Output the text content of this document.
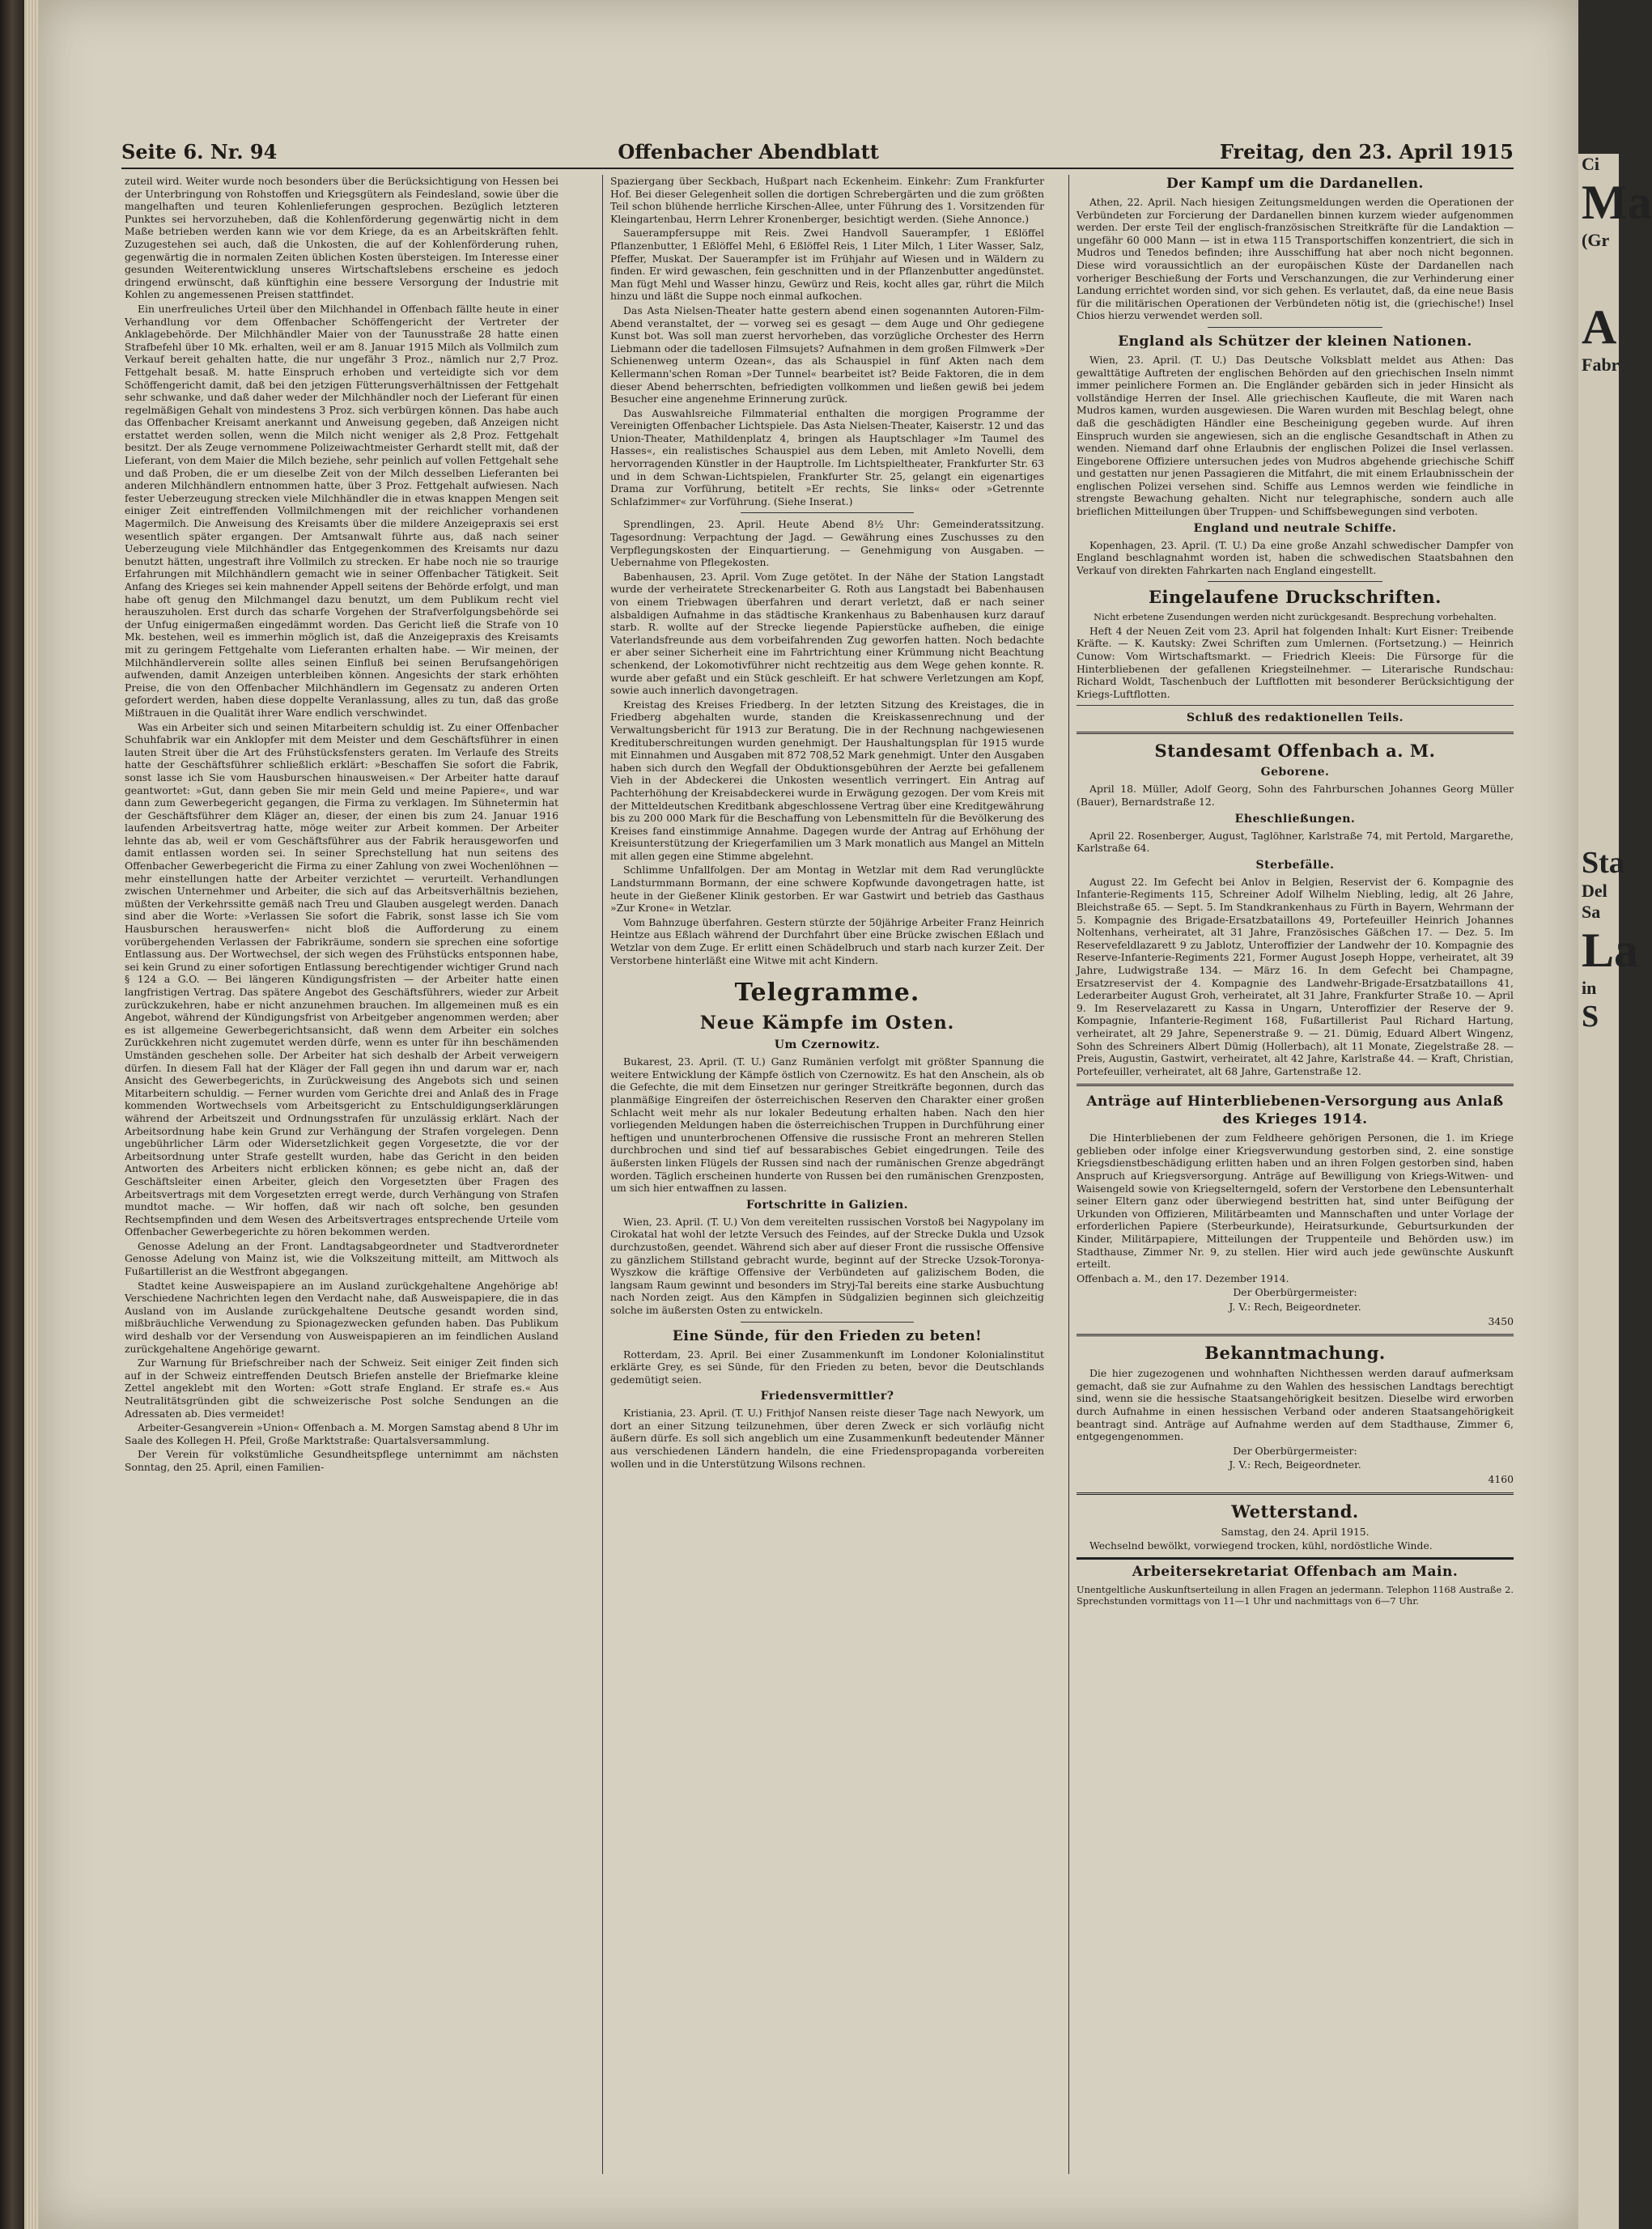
Ci
Ma
(Gr
A
Fabr
Sta
Del
Sa
La
in
S
Seite 6. Nr. 94	Offenbacher Abendblatt	Freitag, den 23. April 1915

zuteil wird. Weiter wurde noch besonders über die Berücksichtigung von Hessen bei der Unterbringung von Rohstoffen und Kriegsgütern als Feindesland, sowie über die mangelhaften und teuren Kohlenlieferungen gesprochen. Bezüglich letzteren Punktes sei hervorzuheben, daß die Kohlenförderung gegenwärtig nicht in dem Maße betrieben werden kann wie vor dem Kriege, da es an Arbeitskräften fehlt. Zuzugestehen sei auch, daß die Unkosten, die auf der Kohlenförderung ruhen, gegenwärtig die in normalen Zeiten üblichen Kosten übersteigen. Im Interesse einer gesunden Weiterentwicklung unseres Wirtschaftslebens erscheine es jedoch dringend erwünscht, daß künftighin eine bessere Versorgung der Industrie mit Kohlen zu angemessenen Preisen stattfindet.

Ein unerfreuliches Urteil über den Milchhandel in Offenbach fällte heute in einer Verhandlung vor dem Offenbacher Schöffengericht der Vertreter der Anklagebehörde. Der Milchhändler Maier von der Taunusstraße 28 hatte einen Strafbefehl über 10 Mk. erhalten, weil er am 8. Januar 1915 Milch als Vollmilch zum Verkauf bereit gehalten hatte, die nur ungefähr 3 Proz., nämlich nur 2,7 Proz. Fettgehalt besaß. M. hatte Einspruch erhoben und verteidigte sich vor dem Schöffengericht damit, daß bei den jetzigen Fütterungsverhältnissen der Fettgehalt sehr schwanke, und daß daher weder der Milchhändler noch der Lieferant für einen regelmäßigen Gehalt von mindestens 3 Proz. sich verbürgen können. Das habe auch das Offenbacher Kreisamt anerkannt und Anweisung gegeben, daß Anzeigen nicht erstattet werden sollen, wenn die Milch nicht weniger als 2,8 Proz. Fettgehalt besitzt. Der als Zeuge vernommene Polizeiwachtmeister Gerhardt stellt mit, daß der Lieferant, von dem Maier die Milch beziehe, sehr peinlich auf vollen Fettgehalt sehe und daß Proben, die er um dieselbe Zeit von der Milch desselben Lieferanten bei anderen Milchhändlern entnommen hatte, über 3 Proz. Fettgehalt aufwiesen. Nach fester Ueberzeugung strecken viele Milchhändler die in etwas knappen Mengen seit einiger Zeit eintreffenden Vollmilchmengen mit der reichlicher vorhandenen Magermilch. Die Anweisung des Kreisamts über die mildere Anzeigepraxis sei erst wesentlich später ergangen. Der Amtsanwalt führte aus, daß nach seiner Ueberzeugung viele Milchhändler das Entgegenkommen des Kreisamts nur dazu benutzt hätten, ungestraft ihre Vollmilch zu strecken. Er habe noch nie so traurige Erfahrungen mit Milchhändlern gemacht wie in seiner Offenbacher Tätigkeit. Seit Anfang des Krieges sei kein mahnender Appell seitens der Behörde erfolgt, und man habe oft genug den Milchmangel dazu benutzt, um dem Publikum recht viel herauszuholen. Erst durch das scharfe Vorgehen der Strafverfolgungsbehörde sei der Unfug einigermaßen eingedämmt worden. Das Gericht ließ die Strafe von 10 Mk. bestehen, weil es immerhin möglich ist, daß die Anzeigepraxis des Kreisamts mit zu geringem Fettgehalte vom Lieferanten erhalten habe. — Wir meinen, der Milchhändlerverein sollte alles seinen Einfluß bei seinen Berufsangehörigen aufwenden, damit Anzeigen unterbleiben können. Angesichts der stark erhöhten Preise, die von den Offenbacher Milchhändlern im Gegensatz zu anderen Orten gefordert werden, haben diese doppelte Veranlassung, alles zu tun, daß das große Mißtrauen in die Qualität ihrer Ware endlich verschwindet.

Was ein Arbeiter sich und seinen Mitarbeitern schuldig ist. Zu einer Offenbacher Schuhfabrik war ein Anklopfer mit dem Meister und dem Geschäftsführer in einen lauten Streit über die Art des Frühstücksfensters geraten. Im Verlaufe des Streits hatte der Geschäftsführer schließlich erklärt: »Beschaffen Sie sofort die Fabrik, sonst lasse ich Sie vom Hausburschen hinausweisen.« Der Arbeiter hatte darauf geantwortet: »Gut, dann geben Sie mir mein Geld und meine Papiere«, und war dann zum Gewerbegericht gegangen, die Firma zu verklagen. Im Sühnetermin hat der Geschäftsführer dem Kläger an, dieser, der einen bis zum 24. Januar 1916 laufenden Arbeitsvertrag hatte, möge weiter zur Arbeit kommen. Der Arbeiter lehnte das ab, weil er vom Geschäftsführer aus der Fabrik herausgeworfen und damit entlassen worden sei. In seiner Sprechstellung hat nun seitens des Offenbacher Gewerbegericht die Firma zu einer Zahlung von zwei Wochenlöhnen — mehr einstellungen hatte der Arbeiter verzichtet — verurteilt. Verhandlungen zwischen Unternehmer und Arbeiter, die sich auf das Arbeitsverhältnis beziehen, müßten der Verkehrssitte gemäß nach Treu und Glauben ausgelegt werden. Danach sind aber die Worte: »Verlassen Sie sofort die Fabrik, sonst lasse ich Sie vom Hausburschen herauswerfen« nicht bloß die Aufforderung zu einem vorübergehenden Verlassen der Fabrikräume, sondern sie sprechen eine sofortige Entlassung aus. Der Wortwechsel, der sich wegen des Frühstücks entsponnen habe, sei kein Grund zu einer sofortigen Entlassung berechtigender wichtiger Grund nach § 124 a G.O. — Bei längeren Kündigungsfristen — der Arbeiter hatte einen langfristigen Vertrag. Das spätere Angebot des Geschäftsführers, wieder zur Arbeit zurückzukehren, habe er nicht anzunehmen brauchen. Im allgemeinen muß es ein Angebot, während der Kündigungsfrist von Arbeitgeber angenommen werden; aber es ist allgemeine Gewerbegerichtsansicht, daß wenn dem Arbeiter ein solches Zurückkehren nicht zugemutet werden dürfe, wenn es unter für ihn beschämenden Umständen geschehen solle. Der Arbeiter hat sich deshalb der Arbeit verweigern dürfen. In diesem Fall hat der Kläger der Fall gegen ihn und darum war er, nach Ansicht des Gewerbegerichts, in Zurückweisung des Angebots sich und seinen Mitarbeitern schuldig. — Ferner wurden vom Gerichte drei and Anlaß des in Frage kommenden Wortwechsels vom Arbeitsgericht zu Entschuldigungserklärungen während der Arbeitszeit und Ordnungsstrafen für unzulässig erklärt. Nach der Arbeitsordnung habe kein Grund zur Verhängung der Strafen vorgelegen. Denn ungebührlicher Lärm oder Widersetzlichkeit gegen Vorgesetzte, die vor der Arbeitsordnung unter Strafe gestellt wurden, habe das Gericht in den beiden Antworten des Arbeiters nicht erblicken können; es gebe nicht an, daß der Geschäftsleiter einen Arbeiter, gleich den Vorgesetzten über Fragen des Arbeitsvertrags mit dem Vorgesetzten erregt werde, durch Verhängung von Strafen mundtot mache. — Wir hoffen, daß wir nach oft solche, ben gesunden Rechtsempfinden und dem Wesen des Arbeitsvertrages entsprechende Urteile vom Offenbacher Gewerbegerichte zu hören bekommen werden.

Genosse Adelung an der Front. Landtagsabgeordneter und Stadtverordneter Genosse Adelung von Mainz ist, wie die Volkszeitung mitteilt, am Mittwoch als Fußartillerist an die Westfront abgegangen.

Stadtet keine Ausweispapiere an im Ausland zurückgehaltene Angehörige ab! Verschiedene Nachrichten legen den Verdacht nahe, daß Ausweispapiere, die in das Ausland von im Auslande zurückgehaltene Deutsche gesandt worden sind, mißbräuchliche Verwendung zu Spionagezwecken gefunden haben. Das Publikum wird deshalb vor der Versendung von Ausweispapieren an im feindlichen Ausland zurückgehaltene Angehörige gewarnt.

Zur Warnung für Briefschreiber nach der Schweiz. Seit einiger Zeit finden sich auf in der Schweiz eintreffenden Deutsch Briefen anstelle der Briefmarke kleine Zettel angeklebt mit den Worten: »Gott strafe England. Er strafe es.« Aus Neutralitätsgründen gibt die schweizerische Post solche Sendungen an die Adressaten ab. Dies vermeidet!

Arbeiter-Gesangverein »Union« Offenbach a. M. Morgen Samstag abend 8 Uhr im Saale des Kollegen H. Pfeil, Große Marktstraße: Quartalsversammlung.

Der Verein für volkstümliche Gesundheitspflege unternimmt am nächsten Sonntag, den 25. April, einen Familien-

Spaziergang über Seckbach, Hußpart nach Eckenheim. Einkehr: Zum Frankfurter Hof. Bei dieser Gelegenheit sollen die dortigen Schrebergärten und die zum größten Teil schon blühende herrliche Kirschen-Allee, unter Führung des 1. Vorsitzenden für Kleingartenbau, Herrn Lehrer Kronenberger, besichtigt werden. (Siehe Annonce.)

Sauerampfersuppe mit Reis. Zwei Handvoll Sauerampfer, 1 Eßlöffel Pflanzenbutter, 1 Eßlöffel Mehl, 6 Eßlöffel Reis, 1 Liter Milch, 1 Liter Wasser, Salz, Pfeffer, Muskat. Der Sauerampfer ist im Frühjahr auf Wiesen und in Wäldern zu finden. Er wird gewaschen, fein geschnitten und in der Pflanzenbutter angedünstet. Man fügt Mehl und Wasser hinzu, Gewürz und Reis, kocht alles gar, rührt die Milch hinzu und läßt die Suppe noch einmal aufkochen.

Das Asta Nielsen-Theater hatte gestern abend einen sogenannten Autoren-Film-Abend veranstaltet, der — vorweg sei es gesagt — dem Auge und Ohr gediegene Kunst bot. Was soll man zuerst hervorheben, das vorzügliche Orchester des Herrn Liebmann oder die tadellosen Filmsujets? Aufnahmen in dem großen Filmwerk »Der Schienenweg unterm Ozean«, das als Schauspiel in fünf Akten nach dem Kellermann'schen Roman »Der Tunnel« bearbeitet ist? Beide Faktoren, die in dem dieser Abend beherrschten, befriedigten vollkommen und ließen gewiß bei jedem Besucher eine angenehme Erinnerung zurück.

Das Auswahlsreiche Filmmaterial enthalten die morgigen Programme der Vereinigten Offenbacher Lichtspiele. Das Asta Nielsen-Theater, Kaiserstr. 12 und das Union-Theater, Mathildenplatz 4, bringen als Hauptschlager »Im Taumel des Hasses«, ein realistisches Schauspiel aus dem Leben, mit Amleto Novelli, dem hervorragenden Künstler in der Hauptrolle. Im Lichtspieltheater, Frankfurter Str. 63 und in dem Schwan-Lichtspielen, Frankfurter Str. 25, gelangt ein eigenartiges Drama zur Vorführung, betitelt »Er rechts, Sie links« oder »Getrennte Schlafzimmer« zur Vorführung. (Siehe Inserat.)

Sprendlingen, 23. April. Heute Abend 8½ Uhr: Gemeinderatssitzung. Tagesordnung: Verpachtung der Jagd. — Gewährung eines Zuschusses zu den Verpflegungskosten der Einquartierung. — Genehmigung von Ausgaben. — Uebernahme von Pflegekosten.

Babenhausen, 23. April. Vom Zuge getötet. In der Nähe der Station Langstadt wurde der verheiratete Streckenarbeiter G. Roth aus Langstadt bei Babenhausen von einem Triebwagen überfahren und derart verletzt, daß er nach seiner alsbaldigen Aufnahme in das städtische Krankenhaus zu Babenhausen kurz darauf starb. R. wollte auf der Strecke liegende Papierstücke aufheben, die einige Vaterlandsfreunde aus dem vorbeifahrenden Zug geworfen hatten. Noch bedachte er aber seiner Sicherheit eine im Fahrtrichtung einer Krümmung nicht Beachtung schenkend, der Lokomotivführer nicht rechtzeitig aus dem Wege gehen konnte. R. wurde aber gefaßt und ein Stück geschleift. Er hat schwere Verletzungen am Kopf, sowie auch innerlich davongetragen.

Kreistag des Kreises Friedberg. In der letzten Sitzung des Kreistages, die in Friedberg abgehalten wurde, standen die Kreiskassenrechnung und der Verwaltungsbericht für 1913 zur Beratung. Die in der Rechnung nachgewiesenen Kredituberschreitungen wurden genehmigt. Der Haushaltungsplan für 1915 wurde mit Einnahmen und Ausgaben mit 872 708,52 Mark genehmigt. Unter den Ausgaben haben sich durch den Wegfall der Obduktionsgebühren der Aerzte bei gefallenem Vieh in der Abdeckerei die Unkosten wesentlich verringert. Ein Antrag auf Pachterhöhung der Kreisabdeckerei wurde in Erwägung gezogen. Der vom Kreis mit der Mitteldeutschen Kreditbank abgeschlossene Vertrag über eine Kreditgewährung bis zu 200 000 Mark für die Beschaffung von Lebensmitteln für die Bevölkerung des Kreises fand einstimmige Annahme. Dagegen wurde der Antrag auf Erhöhung der Kreisunterstützung der Kriegerfamilien um 3 Mark monatlich aus Mangel an Mitteln mit allen gegen eine Stimme abgelehnt.

Schlimme Unfallfolgen. Der am Montag in Wetzlar mit dem Rad verunglückte Landsturmmann Bormann, der eine schwere Kopfwunde davongetragen hatte, ist heute in der Gießener Klinik gestorben. Er war Gastwirt und betrieb das Gasthaus »Zur Krone« in Wetzlar.

Vom Bahnzuge überfahren. Gestern stürzte der 50jährige Arbeiter Franz Heinrich Heintze aus Eßlach während der Durchfahrt über eine Brücke zwischen Eßlach und Wetzlar von dem Zuge. Er erlitt einen Schädelbruch und starb nach kurzer Zeit. Der Verstorbene hinterläßt eine Witwe mit acht Kindern.

Telegramme.
Neue Kämpfe im Osten.
Um Czernowitz.

Bukarest, 23. April. (T. U.) Ganz Rumänien verfolgt mit größter Spannung die weitere Entwicklung der Kämpfe östlich von Czernowitz. Es hat den Anschein, als ob die Gefechte, die mit dem Einsetzen nur geringer Streitkräfte begonnen, durch das planmäßige Eingreifen der österreichischen Reserven den Charakter einer großen Schlacht weit mehr als nur lokaler Bedeutung erhalten haben. Nach den hier vorliegenden Meldungen haben die österreichischen Truppen in Durchführung einer heftigen und ununterbrochenen Offensive die russische Front an mehreren Stellen durchbrochen und sind tief auf bessarabisches Gebiet eingedrungen. Teile des äußersten linken Flügels der Russen sind nach der rumänischen Grenze abgedrängt worden. Täglich erscheinen hunderte von Russen bei den rumänischen Grenzposten, um sich hier entwaffnen zu lassen.

Fortschritte in Galizien.

Wien, 23. April. (T. U.) Von dem vereitelten russischen Vorstoß bei Nagypolany im Cirokatal hat wohl der letzte Versuch des Feindes, auf der Strecke Dukla und Uzsok durchzustoßen, geendet. Während sich aber auf dieser Front die russische Offensive zu gänzlichem Stillstand gebracht wurde, beginnt auf der Strecke Uzsok-Toronya-Wyszkow die kräftige Offensive der Verbündeten auf galizischem Boden, die langsam Raum gewinnt und besonders im Stryj-Tal bereits eine starke Ausbuchtung nach Norden zeigt. Aus den Kämpfen in Südgalizien beginnen sich gleichzeitig solche im äußersten Osten zu entwickeln.

Eine Sünde, für den Frieden zu beten!

Rotterdam, 23. April. Bei einer Zusammenkunft im Londoner Kolonialinstitut erklärte Grey, es sei Sünde, für den Frieden zu beten, bevor die Deutschlands gedemütigt seien.

Friedensvermittler?

Kristiania, 23. April. (T. U.) Frithjof Nansen reiste dieser Tage nach Newyork, um dort an einer Sitzung teilzunehmen, über deren Zweck er sich vorläufig nicht äußern dürfe. Es soll sich angeblich um eine Zusammenkunft bedeutender Männer aus verschiedenen Ländern handeln, die eine Friedenspropaganda vorbereiten wollen und in die Unterstützung Wilsons rechnen.

Der Kampf um die Dardanellen.

Athen, 22. April. Nach hiesigen Zeitungsmeldungen werden die Operationen der Verbündeten zur Forcierung der Dardanellen binnen kurzem wieder aufgenommen werden. Der erste Teil der englisch-französischen Streitkräfte für die Landaktion — ungefähr 60 000 Mann — ist in etwa 115 Transportschiffen konzentriert, die sich in Mudros und Tenedos befinden; ihre Ausschiffung hat aber noch nicht begonnen. Diese wird voraussichtlich an der europäischen Küste der Dardanellen nach vorheriger Beschießung der Forts und Verschanzungen, die zur Verhinderung einer Landung errichtet worden sind, vor sich gehen. Es verlautet, daß, da eine neue Basis für die militärischen Operationen der Verbündeten nötig ist, die (griechische!) Insel Chios hierzu verwendet werden soll.

England als Schützer der kleinen Nationen.

Wien, 23. April. (T. U.) Das Deutsche Volksblatt meldet aus Athen: Das gewalttätige Auftreten der englischen Behörden auf den griechischen Inseln nimmt immer peinlichere Formen an. Die Engländer gebärden sich in jeder Hinsicht als vollständige Herren der Insel. Alle griechischen Kaufleute, die mit Waren nach Mudros kamen, wurden ausgewiesen. Die Waren wurden mit Beschlag belegt, ohne daß die geschädigten Händler eine Bescheinigung gegeben wurde. Auf ihren Einspruch wurden sie angewiesen, sich an die englische Gesandtschaft in Athen zu wenden. Niemand darf ohne Erlaubnis der englischen Polizei die Insel verlassen. Eingeborene Offiziere untersuchen jedes von Mudros abgehende griechische Schiff und gestatten nur jenen Passagieren die Mitfahrt, die mit einem Erlaubnisschein der englischen Polizei versehen sind. Schiffe aus Lemnos werden wie feindliche in strengste Bewachung gehalten. Nicht nur telegraphische, sondern auch alle brieflichen Mitteilungen über Truppen- und Schiffsbewegungen sind verboten.

England und neutrale Schiffe.

Kopenhagen, 23. April. (T. U.) Da eine große Anzahl schwedischer Dampfer von England beschlagnahmt worden ist, haben die schwedischen Staatsbahnen den Verkauf von direkten Fahrkarten nach England eingestellt.

Eingelaufene Druckschriften.

Nicht erbetene Zusendungen werden nicht zurückgesandt. Besprechung vorbehalten.

Heft 4 der Neuen Zeit vom 23. April hat folgenden Inhalt: Kurt Eisner: Treibende Kräfte. — K. Kautsky: Zwei Schriften zum Umlernen. (Fortsetzung.) — Heinrich Cunow: Vom Wirtschaftsmarkt. — Friedrich Kleeis: Die Fürsorge für die Hinterbliebenen der gefallenen Kriegsteilnehmer. — Literarische Rundschau: Richard Woldt, Taschenbuch der Luftflotten mit besonderer Berücksichtigung der Kriegs-Luftflotten.

Schluß des redaktionellen Teils.
Standesamt Offenbach a. M.
Geborene.

April 18. Müller, Adolf Georg, Sohn des Fahrburschen Johannes Georg Müller (Bauer), Bernardstraße 12.

Eheschließungen.

April 22. Rosenberger, August, Taglöhner, Karlstraße 74, mit Pertold, Margarethe, Karlstraße 64.

Sterbefälle.

August 22. Im Gefecht bei Anlov in Belgien, Reservist der 6. Kompagnie des Infanterie-Regiments 115, Schreiner Adolf Wilhelm Niebling, ledig, alt 26 Jahre, Bleichstraße 65. — Sept. 5. Im Standkrankenhaus zu Fürth in Bayern, Wehrmann der 5. Kompagnie des Brigade-Ersatzbataillons 49, Portefeuiller Heinrich Johannes Noltenhans, verheiratet, alt 31 Jahre, Französisches Gäßchen 17. — Dez. 5. Im Reservefeldlazarett 9 zu Jablotz, Unteroffizier der Landwehr der 10. Kompagnie des Reserve-Infanterie-Regiments 221, Former August Joseph Hoppe, verheiratet, alt 39 Jahre, Ludwigstraße 134. — März 16. In dem Gefecht bei Champagne, Ersatzreservist der 4. Kompagnie des Landwehr-Brigade-Ersatzbataillons 41, Lederarbeiter August Groh, verheiratet, alt 31 Jahre, Frankfurter Straße 10. — April 9. Im Reservelazarett zu Kassa in Ungarn, Unteroffizier der Reserve der 9. Kompagnie, Infanterie-Regiment 168, Fußartillerist Paul Richard Hartung, verheiratet, alt 29 Jahre, Sepenerstraße 9. — 21. Dümig, Eduard Albert Wingenz, Sohn des Schreiners Albert Dümig (Hollerbach), alt 11 Monate, Ziegelstraße 28. — Preis, Augustin, Gastwirt, verheiratet, alt 42 Jahre, Karlstraße 44. — Kraft, Christian, Portefeuiller, verheiratet, alt 68 Jahre, Gartenstraße 12.

Anträge auf Hinterbliebenen-Versorgung aus Anlaß des Krieges 1914.

Die Hinterbliebenen der zum Feldheere gehörigen Personen, die 1. im Kriege geblieben oder infolge einer Kriegsverwundung gestorben sind, 2. eine sonstige Kriegsdienstbeschädigung erlitten haben und an ihren Folgen gestorben sind, haben Anspruch auf Kriegsversorgung. Anträge auf Bewilligung von Kriegs-Witwen- und Waisengeld sowie von Kriegselterngeld, sofern der Verstorbene den Lebensunterhalt seiner Eltern ganz oder überwiegend bestritten hat, sind unter Beifügung der Urkunden von Offizieren, Militärbeamten und Mannschaften und unter Vorlage der erforderlichen Papiere (Sterbeurkunde), Heiratsurkunde, Geburtsurkunden der Kinder, Militärpapiere, Mitteilungen der Truppenteile und Behörden usw.) im Stadthause, Zimmer Nr. 9, zu stellen. Hier wird auch jede gewünschte Auskunft erteilt.

Offenbach a. M., den 17. Dezember 1914.

Der Oberbürgermeister:

J. V.: Rech, Beigeordneter.

3450

Bekanntmachung.

Die hier zugezogenen und wohnhaften Nichthessen werden darauf aufmerksam gemacht, daß sie zur Aufnahme zu den Wahlen des hessischen Landtags berechtigt sind, wenn sie die hessische Staatsangehörigkeit besitzen. Dieselbe wird erworben durch Aufnahme in einen hessischen Verband oder anderen Staatsangehörigkeit beantragt sind. Anträge auf Aufnahme werden auf dem Stadthause, Zimmer 6, entgegengenommen.

Der Oberbürgermeister:

J. V.: Rech, Beigeordneter.

4160

Wetterstand.

Samstag, den 24. April 1915.

Wechselnd bewölkt, vorwiegend trocken, kühl, nordöstliche Winde.

Arbeitersekretariat Offenbach am Main.

Unentgeltliche Auskunftserteilung in allen Fragen an jedermann. Telephon 1168 Austraße 2. Sprechstunden vormittags von 11—1 Uhr und nachmittags von 6—7 Uhr.
